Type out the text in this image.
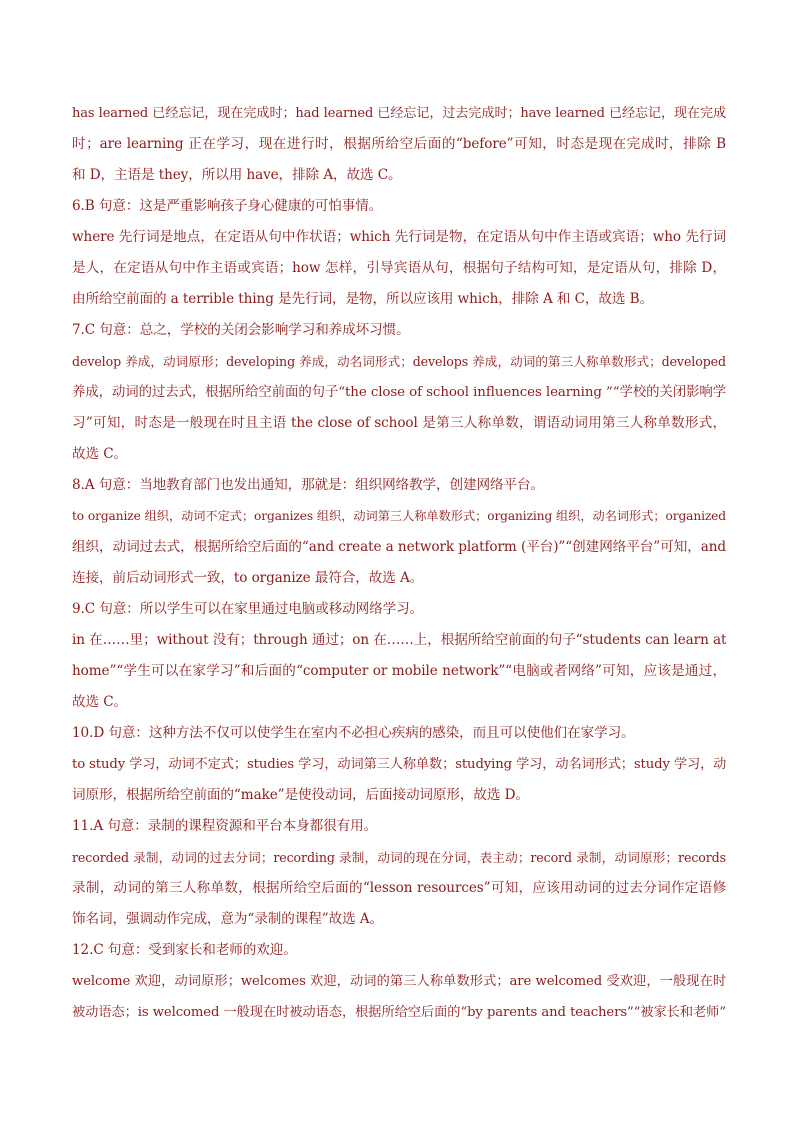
has learned 已经忘记，现在完成时；had learned 已经忘记，过去完成时；have learned 已经忘记，现在完成
时；are learning 正在学习，现在进行时，根据所给空后面的“before”可知，时态是现在完成时，排除 B
和 D，主语是 they，所以用 have，排除 A，故选 C。
6.B 句意：这是严重影响孩子身心健康的可怕事情。
where 先行词是地点，在定语从句中作状语；which 先行词是物，在定语从句中作主语或宾语；who 先行词
是人，在定语从句中作主语或宾语；how 怎样，引导宾语从句，根据句子结构可知，是定语从句，排除 D，
由所给空前面的 a terrible thing 是先行词，是物，所以应该用 which，排除 A 和 C，故选 B。
7.C 句意：总之，学校的关闭会影响学习和养成坏习惯。
develop 养成，动词原形；developing 养成，动名词形式；develops 养成，动词的第三人称单数形式；developed
养成，动词的过去式，根据所给空前面的句子“the close of school influences learning ”“学校的关闭影响学
习”可知，时态是一般现在时且主语 the close of school 是第三人称单数，谓语动词用第三人称单数形式，
故选 C。
8.A 句意：当地教育部门也发出通知，那就是：组织网络教学，创建网络平台。
to organize 组织，动词不定式；organizes 组织，动词第三人称单数形式；organizing 组织，动名词形式；organized
组织，动词过去式，根据所给空后面的“and create a network platform (平台)”“创建网络平台”可知，and
连接，前后动词形式一致，to organize 最符合，故选 A。
9.C 句意：所以学生可以在家里通过电脑或移动网络学习。
in 在……里；without 没有；through 通过；on 在……上，根据所给空前面的句子“students can learn at
home”“学生可以在家学习”和后面的“computer or mobile network”“电脑或者网络”可知，应该是通过，
故选 C。
10.D 句意：这种方法不仅可以使学生在室内不必担心疾病的感染，而且可以使他们在家学习。
to study 学习，动词不定式；studies 学习，动词第三人称单数；studying 学习，动名词形式；study 学习，动
词原形，根据所给空前面的“make”是使役动词，后面接动词原形，故选 D。
11.A 句意：录制的课程资源和平台本身都很有用。
recorded 录制，动词的过去分词；recording 录制，动词的现在分词，表主动；record 录制，动词原形；records
录制，动词的第三人称单数，根据所给空后面的“lesson resources”可知，应该用动词的过去分词作定语修
饰名词，强调动作完成，意为“录制的课程”故选 A。
12.C 句意：受到家长和老师的欢迎。
welcome 欢迎，动词原形；welcomes 欢迎，动词的第三人称单数形式；are welcomed 受欢迎，一般现在时
被动语态；is welcomed 一般现在时被动语态，根据所给空后面的“by parents and teachers”“被家长和老师”
